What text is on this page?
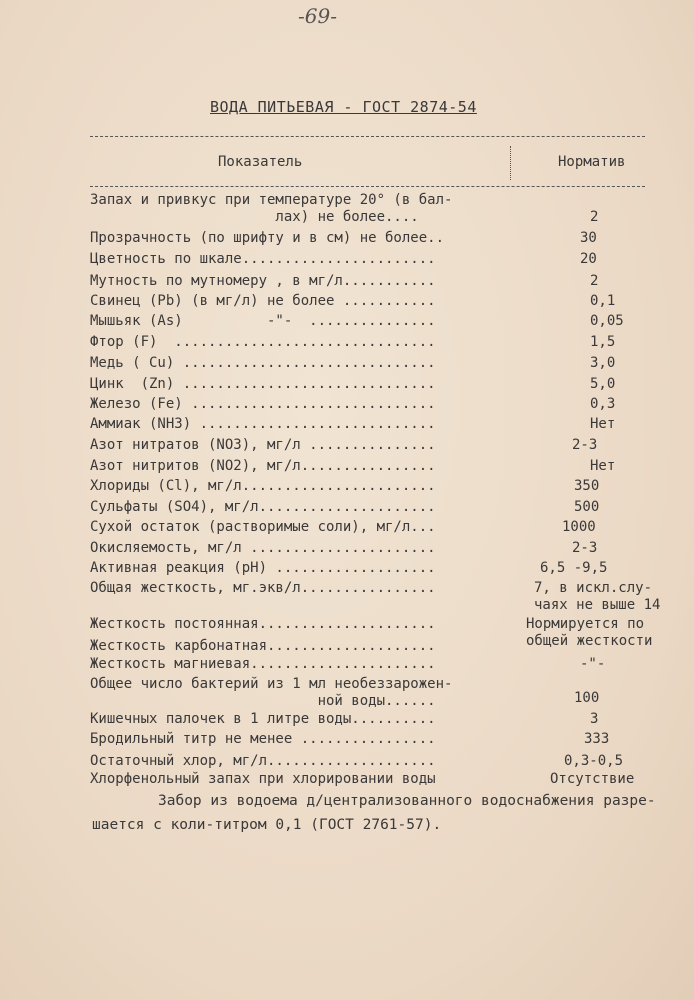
-69-
ВОДА ПИТЬЕВАЯ - ГОСТ 2874-54
Показатель	Норматив
Запах и привкус при температуре 20° (в бал-
лах) не более....	2
Прозрачность (по шрифту и в см) не более..	30
Цветность по шкале.......................	20
Мутность по мутномеру , в мг/л...........	2
Свинец (Pb) (в мг/л) не более ...........	0,1
Мышьяк (As)          -"-  ...............	0,05
Фтор (F)  ...............................	1,5
Медь ( Cu) ..............................	3,0
Цинк  (Zn) ..............................	5,0
Железо (Fe) .............................	0,3
Аммиак (NH3) ............................	Нет
Азот нитратов (NO3), мг/л ...............	2-3
Азот нитритов (NO2), мг/л................	Нет
Хлориды (Cl), мг/л.......................	350
Сульфаты (SO4), мг/л.....................	500
Сухой остаток (растворимые соли), мг/л...	1000
Окисляемость, мг/л ......................	2-3
Активная реакция (pH) ...................	6,5 -9,5
Общая жесткость, мг.экв/л................	7, в искл.слу-
чаях не выше 14
Жесткость постоянная.....................	Нормируется по
общей жесткости
Жесткость карбонатная....................
Жесткость магниевая......................	-"-
Общее число бактерий из 1 мл необеззарожен-
ной воды......	100
Кишечных палочек в 1 литре воды..........	3
Бродильный титр не менее ................	333
Остаточный хлор, мг/л....................	0,3-0,5
Хлорфенольный запах при хлорировании воды	Отсутствие
Забор из водоема д/централизованного водоснабжения разре-
шается с коли-титром 0,1 (ГОСТ 2761-57).
